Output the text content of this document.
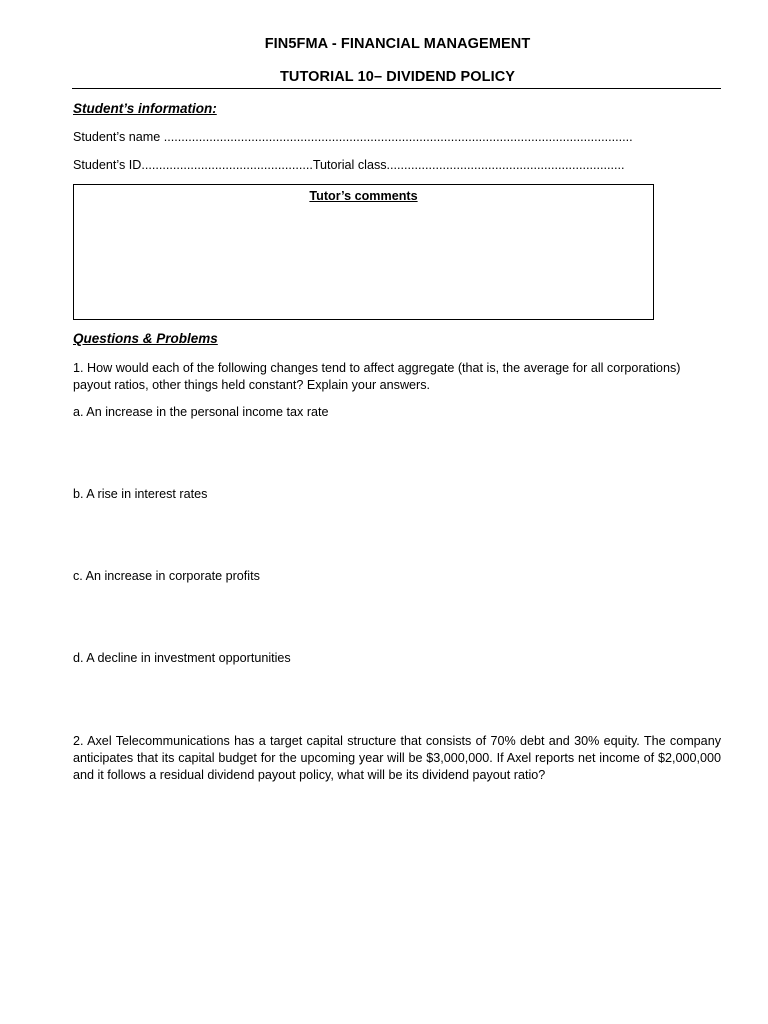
FIN5FMA - FINANCIAL MANAGEMENT
TUTORIAL 10– DIVIDEND POLICY
Student’s information:
Student’s name ......................................................................................................................................
Student’s ID.................................................Tutorial class....................................................................
Tutor’s comments
Questions & Problems
1. How would each of the following changes tend to affect aggregate (that is, the average for all corporations) payout ratios, other things held constant? Explain your answers.
a. An increase in the personal income tax rate
b. A rise in interest rates
c. An increase in corporate profits
d. A decline in investment opportunities
2. Axel Telecommunications has a target capital structure that consists of 70% debt and 30% equity. The company anticipates that its capital budget for the upcoming year will be $3,000,000. If Axel reports net income of $2,000,000 and it follows a residual dividend payout policy, what will be its dividend payout ratio?
